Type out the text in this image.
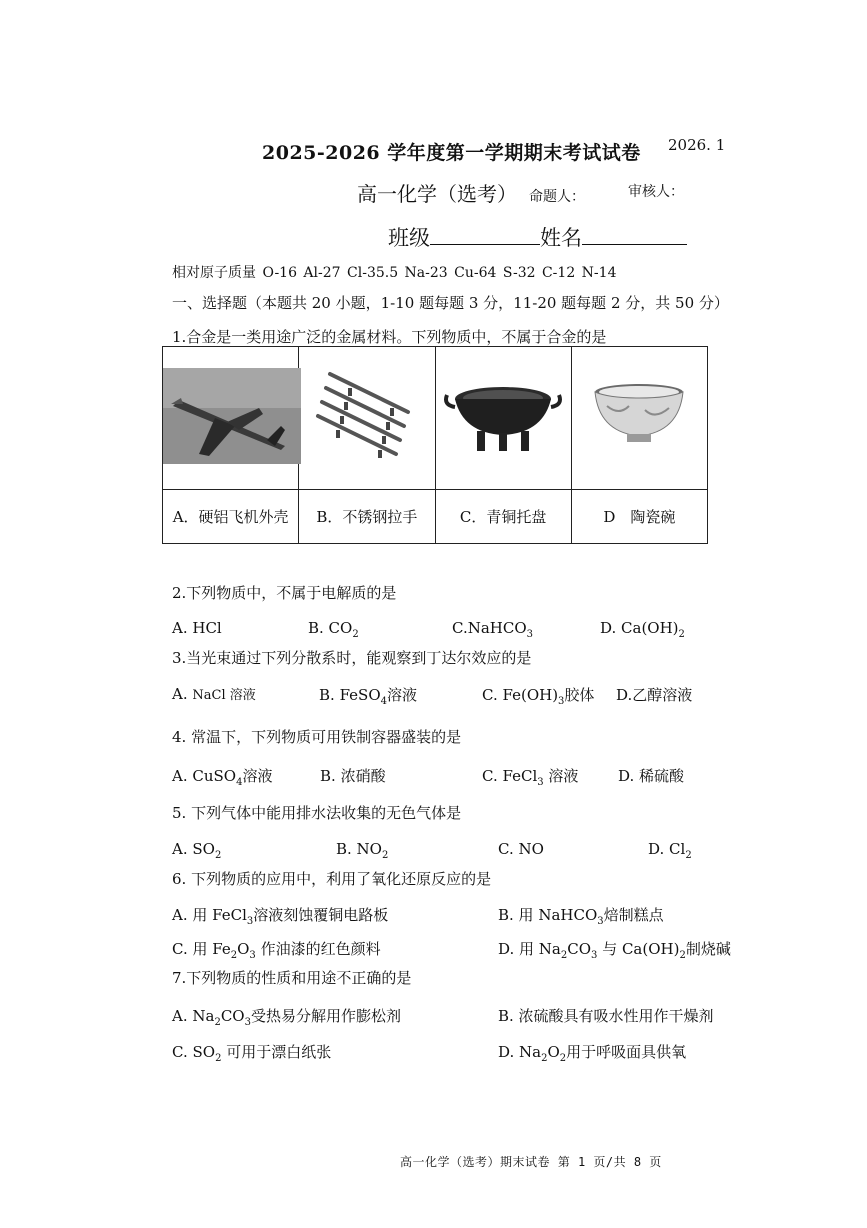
2025-2026 学年度第一学期期末考试试卷 2026. 1
高一化学（选考） 命题人：	审核人：
班级	姓名
相对原子质量 O-16 Al-27 Cl-35.5 Na-23 Cu-64 S-32 C-12 N-14
一、选择题（本题共 20 小题，1-10 题每题 3 分，11-20 题每题 2 分，共 50 分）
1.合金是一类用途广泛的金属材料。下列物质中，不属于合金的是

A．硬铝飞机外壳	B．不锈钢拉手	C．青铜托盘	D　陶瓷碗
2.下列物质中，不属于电解质的是
A. HCl	B. $CO_2$	C.NaHCO$_3$	D. $Ca(OH)_2$
3.当光束通过下列分散系时，能观察到丁达尔效应的是
A. NaCl 溶液	B. FeSO$_4$溶液	C. $Fe(OH)_3$胶体 D.乙醇溶液
4. 常温下，下列物质可用铁制容器盛装的是
A. CuSO$_4$溶液	B. 浓硝酸	C. FeCl$_3$ 溶液	D. 稀硫酸
5. 下列气体中能用排水法收集的无色气体是
A. $SO_2$	B. $NO_2$	C. NO	D. $Cl_2$
6. 下列物质的应用中，利用了氧化还原反应的是
A. 用 FeCl$_3$溶液刻蚀覆铜电路板	B. 用 NaHCO$_3$焙制糕点
C. 用 $Fe_2O_3$ 作油漆的红色颜料	D. 用 $Na_2CO_3$ 与 $Ca(OH)_2$制烧碱
7.下列物质的性质和用途不正确的是
A. $Na_2CO_3$受热易分解用作膨松剂	B. 浓硫酸具有吸水性用作干燥剂
C. $SO_2$ 可用于漂白纸张	D. $Na_2O_2$用于呼吸面具供氧
高一化学（选考）期末试卷 第 1 页/共 8 页
